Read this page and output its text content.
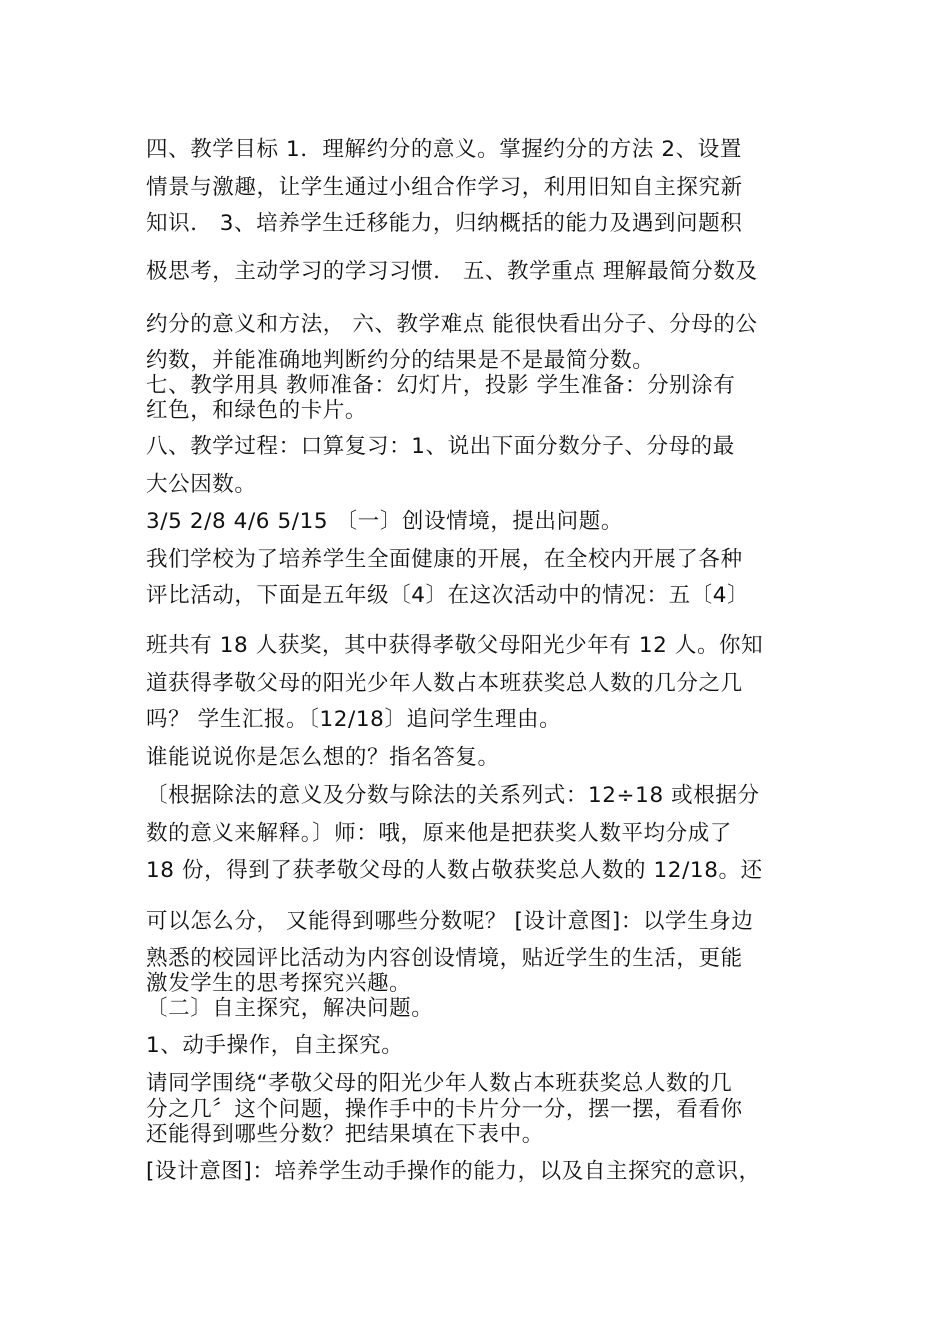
四、教学目标 1．理解约分的意义。掌握约分的方法 2、设置
情景与激趣，让学生通过小组合作学习，利用旧知自主探究新
知识． 3、培养学生迁移能力，归纳概括的能力及遇到问题积
极思考，主动学习的学习习惯． 五、教学重点 理解最简分数及
约分的意义和方法， 六、教学难点 能很快看出分子、分母的公
约数，并能准确地判断约分的结果是不是最简分数。
七、教学用具 教师准备：幻灯片，投影 学生准备：分别涂有
红色，和绿色的卡片。
八、教学过程：口算复习：1、说出下面分数分子、分母的最
大公因数。
3/5 2/8 4/6 5/15 〔一〕创设情境，提出问题。
我们学校为了培养学生全面健康的开展，在全校内开展了各种
评比活动，下面是五年级〔4〕在这次活动中的情况：五〔4〕
班共有 18 人获奖，其中获得孝敬父母阳光少年有 12 人。你知
道获得孝敬父母的阳光少年人数占本班获奖总人数的几分之几
吗？ 学生汇报。〔12/18〕追问学生理由。
谁能说说你是怎么想的？指名答复。
〔根据除法的意义及分数与除法的关系列式：12÷18 或根据分
数的意义来解释。〕师：哦，原来他是把获奖人数平均分成了
18 份，得到了获孝敬父母的人数占敬获奖总人数的 12/18。还
可以怎么分， 又能得到哪些分数呢？ [设计意图]：以学生身边
熟悉的校园评比活动为内容创设情境，贴近学生的生活，更能
激发学生的思考探究兴趣。
〔二〕自主探究，解决问题。
1、动手操作，自主探究。
请同学围绕“孝敬父母的阳光少年人数占本班获奖总人数的几
分之几〞这个问题，操作手中的卡片分一分，摆一摆，看看你
还能得到哪些分数？把结果填在下表中。
[设计意图]：培养学生动手操作的能力，以及自主探究的意识，
